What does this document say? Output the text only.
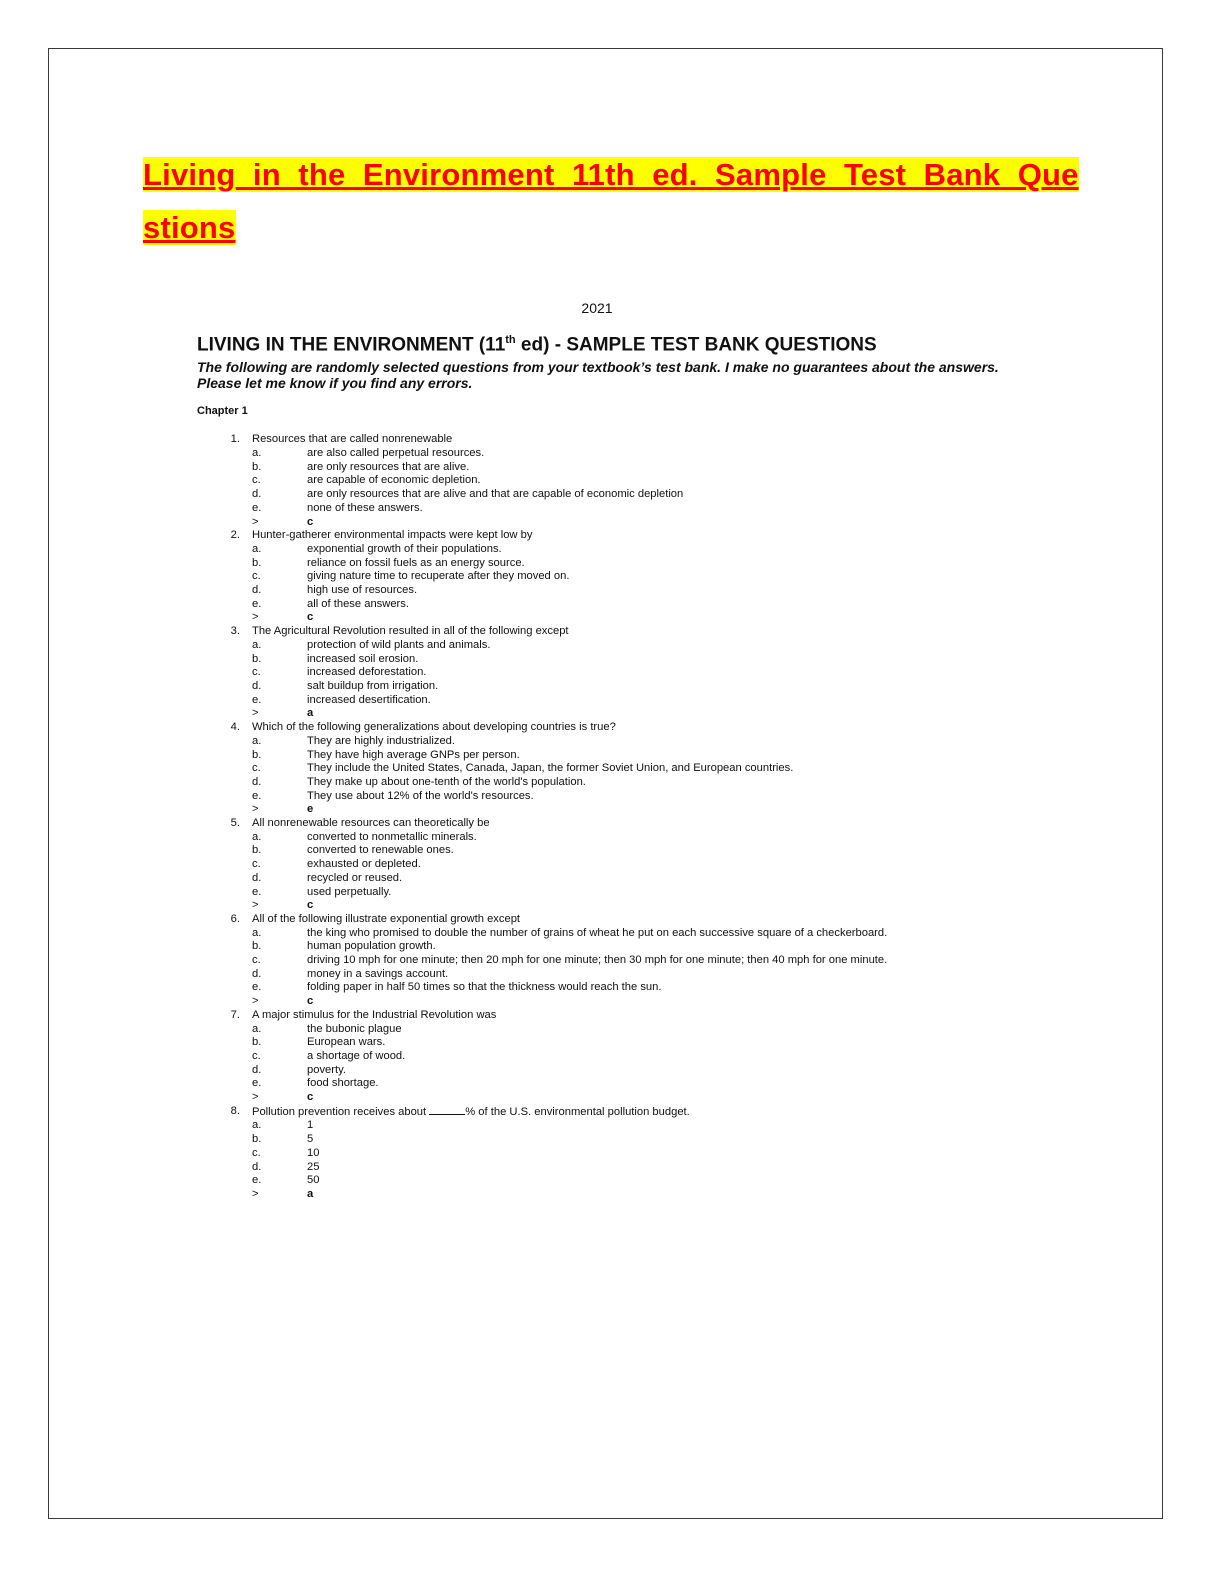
Living_in_the_Environment_11th_ed._Sample_Test_Bank_Questions
2021
LIVING IN THE ENVIRONMENT (11th ed) - SAMPLE TEST BANK QUESTIONS
The following are randomly selected questions from your textbook’s test bank. I make no guarantees about the answers. Please let me know if you find any errors.
Chapter 1
1. Resources that are called nonrenewable
a.	are also called perpetual resources.
b.	are only resources that are alive.
c.	are capable of economic depletion.
d.	are only resources that are alive and that are capable of economic depletion
e.	none of these answers.
>	c
2. Hunter-gatherer environmental impacts were kept low by
a.	exponential growth of their populations.
b.	reliance on fossil fuels as an energy source.
c.	giving nature time to recuperate after they moved on.
d.	high use of resources.
e.	all of these answers.
>	c
3. The Agricultural Revolution resulted in all of the following except
a.	protection of wild plants and animals.
b.	increased soil erosion.
c.	increased deforestation.
d.	salt buildup from irrigation.
e.	increased desertification.
>	a
4. Which of the following generalizations about developing countries is true?
a.	They are highly industrialized.
b.	They have high average GNPs per person.
c.	They include the United States, Canada, Japan, the former Soviet Union, and European countries.
d.	They make up about one-tenth of the world's population.
e.	They use about 12% of the world's resources.
>	e
5. All nonrenewable resources can theoretically be
a.	converted to nonmetallic minerals.
b.	converted to renewable ones.
c.	exhausted or depleted.
d.	recycled or reused.
e.	used perpetually.
>	c
6. All of the following illustrate exponential growth except
a.	the king who promised to double the number of grains of wheat he put on each successive square of a checkerboard.
b.	human population growth.
c.	driving 10 mph for one minute; then 20 mph for one minute; then 30 mph for one minute; then 40 mph for one minute.
d.	money in a savings account.
e.	folding paper in half 50 times so that the thickness would reach the sun.
>	c
7. A major stimulus for the Industrial Revolution was
a.	the bubonic plague
b.	European wars.
c.	a shortage of wood.
d.	poverty.
e.	food shortage.
>	c
8. Pollution prevention receives about	% of the U.S. environmental pollution budget.
a.	1
b.	5
c.	10
d.	25
e.	50
>	a
